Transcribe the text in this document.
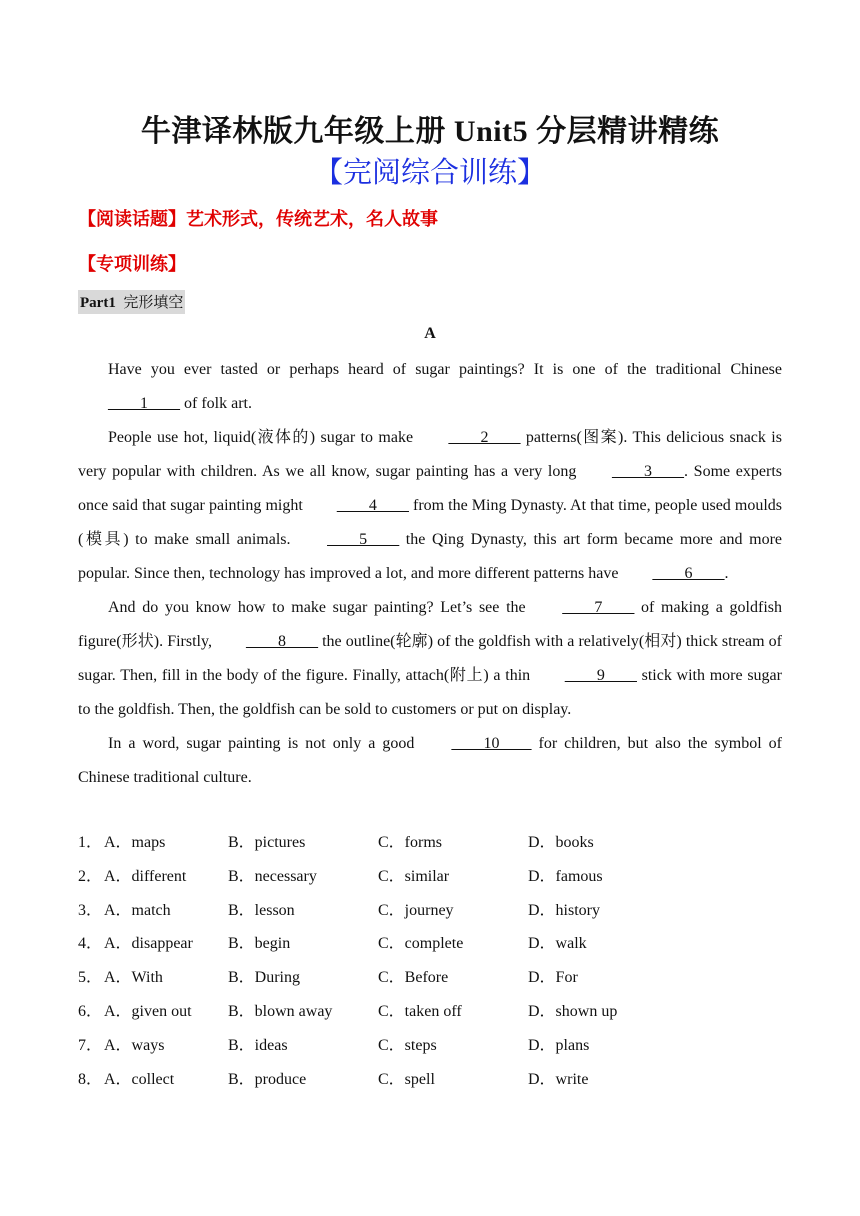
牛津译林版九年级上册 Unit5 分层精讲精练
【完阅综合训练】
【阅读话题】艺术形式，传统艺术，名人故事
【专项训练】
Part1 完形填空
A

Have you ever tasted or perhaps heard of sugar paintings? It is one of the traditional Chinese ____1____ of folk art.

People use hot, liquid(液体的) sugar to make ____2____ patterns(图案). This delicious snack is very popular with children. As we all know, sugar painting has a very long ____3____. Some experts once said that sugar painting might ____4____ from the Ming Dynasty. At that time, people used moulds (模具) to make small animals. ____5____ the Qing Dynasty, this art form became more and more popular. Since then, technology has improved a lot, and more different patterns have ____6____.

And do you know how to make sugar painting? Let’s see the ____7____ of making a goldfish figure(形状). Firstly, ____8____ the outline(轮廓) of the goldfish with a relatively(相对) thick stream of sugar. Then, fill in the body of the figure. Finally, attach(附上) a thin ____9____ stick with more sugar to the goldfish. Then, the goldfish can be sold to customers or put on display.

In a word, sugar painting is not only a good ____10____ for children, but also the symbol of Chinese traditional culture.

1． A．maps	B．pictures	C．forms	D．books
2． A．different	B．necessary	C．similar	D．famous
3． A．match	B．lesson	C．journey	D．history
4． A．disappear	B．begin	C．complete	D．walk
5． A．With	B．During	C．Before	D．For
6． A．given out	B．blown away	C．taken off	D．shown up
7． A．ways	B．ideas	C．steps	D．plans
8． A．collect	B．produce	C．spell	D．write
